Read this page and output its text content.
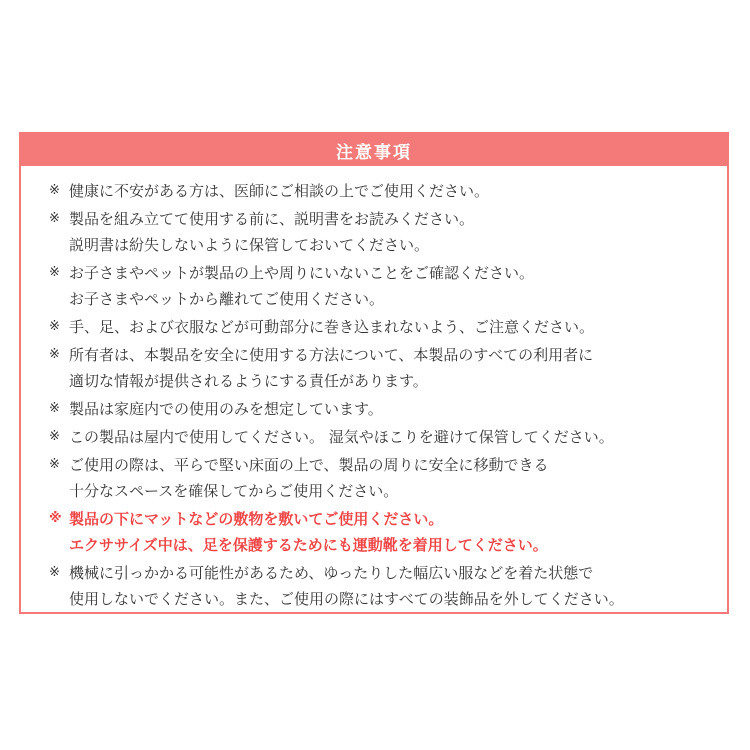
注意事項
※ 健康に不安がある方は、医師にご相談の上でご使用ください。
※ 製品を組み立てて使用する前に、説明書をお読みください。
説明書は紛失しないように保管しておいてください。
※ お子さまやペットが製品の上や周りにいないことをご確認ください。
お子さまやペットから離れてご使用ください。
※ 手、足、および衣服などが可動部分に巻き込まれないよう、ご注意ください。
※ 所有者は、本製品を安全に使用する方法について、本製品のすべての利用者に
適切な情報が提供されるようにする責任があります。
※ 製品は家庭内での使用のみを想定しています。
※ この製品は屋内で使用してください。 湿気やほこりを避けて保管してください。
※ ご使用の際は、平らで堅い床面の上で、製品の周りに安全に移動できる
十分なスペースを確保してからご使用ください。
※ 製品の下にマットなどの敷物を敷いてご使用ください。
エクササイズ中は、足を保護するためにも運動靴を着用してください。
※ 機械に引っかかる可能性があるため、ゆったりした幅広い服などを着た状態で
使用しないでください。また、ご使用の際にはすべての装飾品を外してください。
